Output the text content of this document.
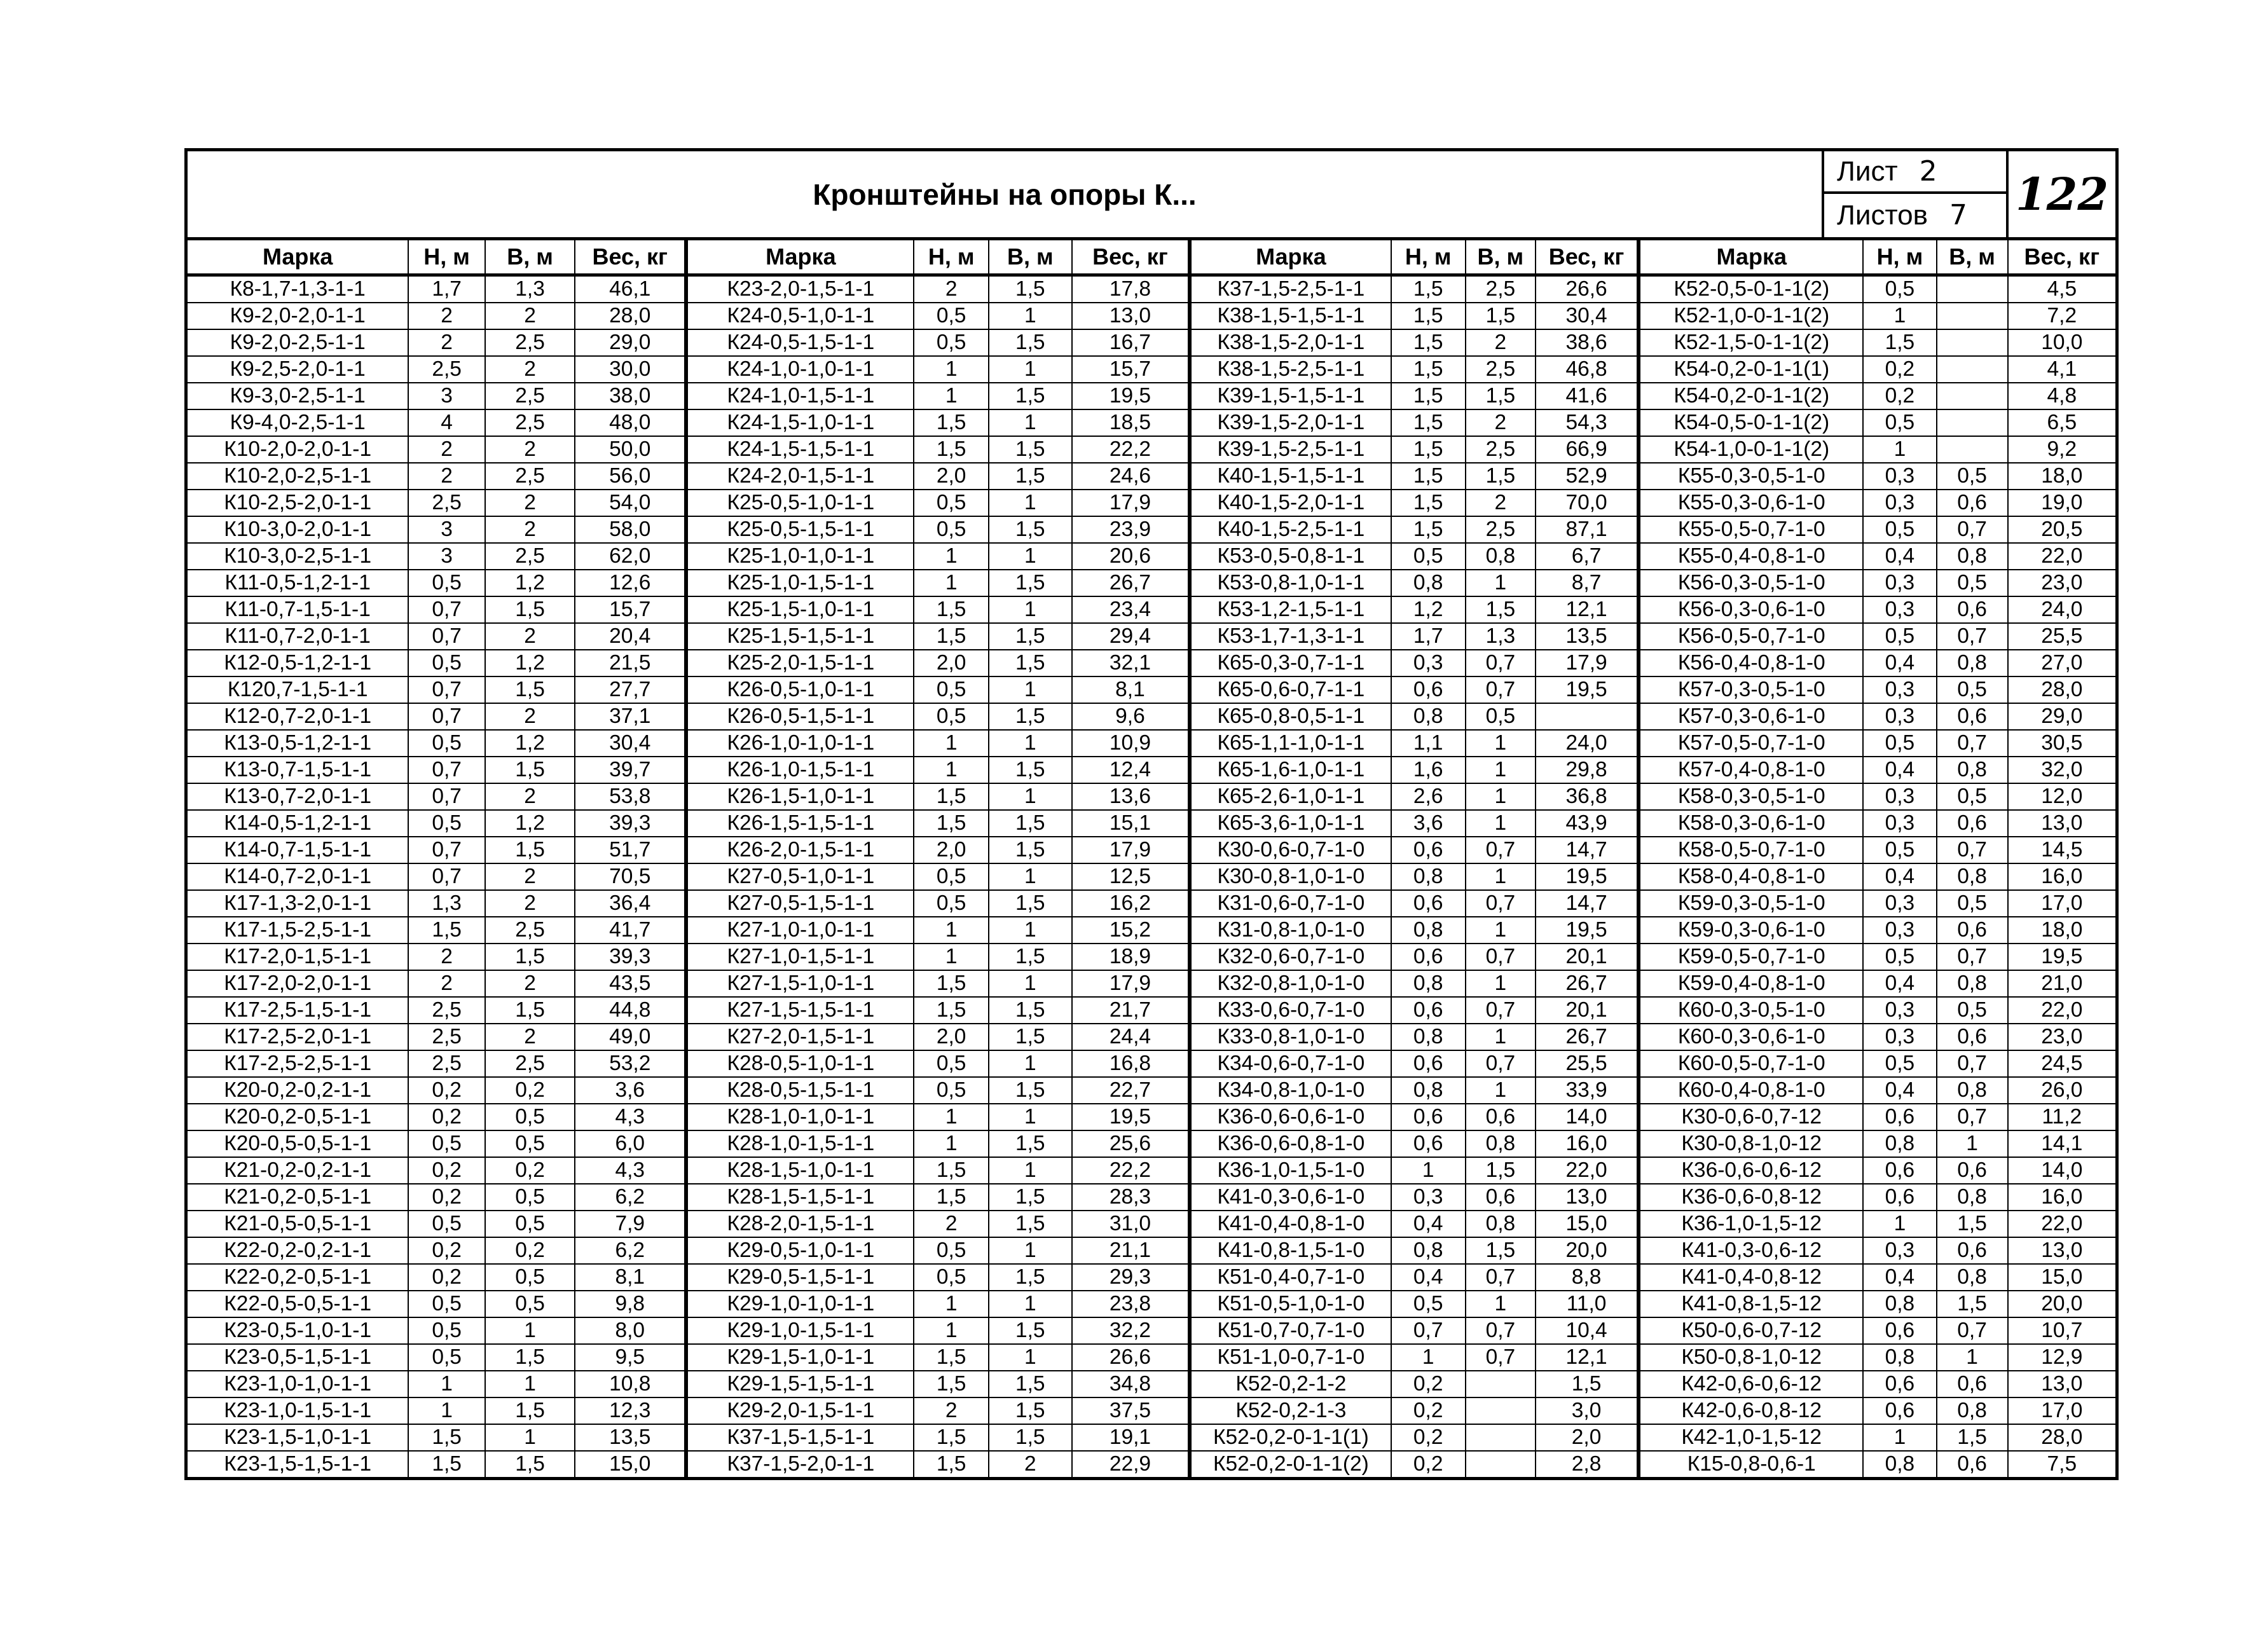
Кронштейны на опоры К...
Лист 2
Листов 7 122
Марка	Н, м	В, м	Вес, кг	Марка	Н, м	В, м	Вес, кг	Марка	Н, м	В, м	Вес, кг	Марка	Н, м	В, м	Вес, кг
К8-1,7-1,3-1-1	1,7	1,3	46,1	К23-2,0-1,5-1-1	2	1,5	17,8	К37-1,5-2,5-1-1	1,5	2,5	26,6	К52-0,5-0-1-1(2)	0,5		4,5
К9-2,0-2,0-1-1	2	2	28,0	К24-0,5-1,0-1-1	0,5	1	13,0	К38-1,5-1,5-1-1	1,5	1,5	30,4	К52-1,0-0-1-1(2)	1		7,2
К9-2,0-2,5-1-1	2	2,5	29,0	К24-0,5-1,5-1-1	0,5	1,5	16,7	К38-1,5-2,0-1-1	1,5	2	38,6	К52-1,5-0-1-1(2)	1,5		10,0
К9-2,5-2,0-1-1	2,5	2	30,0	К24-1,0-1,0-1-1	1	1	15,7	К38-1,5-2,5-1-1	1,5	2,5	46,8	К54-0,2-0-1-1(1)	0,2		4,1
К9-3,0-2,5-1-1	3	2,5	38,0	К24-1,0-1,5-1-1	1	1,5	19,5	К39-1,5-1,5-1-1	1,5	1,5	41,6	К54-0,2-0-1-1(2)	0,2		4,8
К9-4,0-2,5-1-1	4	2,5	48,0	К24-1,5-1,0-1-1	1,5	1	18,5	К39-1,5-2,0-1-1	1,5	2	54,3	К54-0,5-0-1-1(2)	0,5		6,5
К10-2,0-2,0-1-1	2	2	50,0	К24-1,5-1,5-1-1	1,5	1,5	22,2	К39-1,5-2,5-1-1	1,5	2,5	66,9	К54-1,0-0-1-1(2)	1		9,2
К10-2,0-2,5-1-1	2	2,5	56,0	К24-2,0-1,5-1-1	2,0	1,5	24,6	К40-1,5-1,5-1-1	1,5	1,5	52,9	К55-0,3-0,5-1-0	0,3	0,5	18,0
К10-2,5-2,0-1-1	2,5	2	54,0	К25-0,5-1,0-1-1	0,5	1	17,9	К40-1,5-2,0-1-1	1,5	2	70,0	К55-0,3-0,6-1-0	0,3	0,6	19,0
К10-3,0-2,0-1-1	3	2	58,0	К25-0,5-1,5-1-1	0,5	1,5	23,9	К40-1,5-2,5-1-1	1,5	2,5	87,1	К55-0,5-0,7-1-0	0,5	0,7	20,5
К10-3,0-2,5-1-1	3	2,5	62,0	К25-1,0-1,0-1-1	1	1	20,6	К53-0,5-0,8-1-1	0,5	0,8	6,7	К55-0,4-0,8-1-0	0,4	0,8	22,0
К11-0,5-1,2-1-1	0,5	1,2	12,6	К25-1,0-1,5-1-1	1	1,5	26,7	К53-0,8-1,0-1-1	0,8	1	8,7	К56-0,3-0,5-1-0	0,3	0,5	23,0
К11-0,7-1,5-1-1	0,7	1,5	15,7	К25-1,5-1,0-1-1	1,5	1	23,4	К53-1,2-1,5-1-1	1,2	1,5	12,1	К56-0,3-0,6-1-0	0,3	0,6	24,0
К11-0,7-2,0-1-1	0,7	2	20,4	К25-1,5-1,5-1-1	1,5	1,5	29,4	К53-1,7-1,3-1-1	1,7	1,3	13,5	К56-0,5-0,7-1-0	0,5	0,7	25,5
К12-0,5-1,2-1-1	0,5	1,2	21,5	К25-2,0-1,5-1-1	2,0	1,5	32,1	К65-0,3-0,7-1-1	0,3	0,7	17,9	К56-0,4-0,8-1-0	0,4	0,8	27,0
К120,7-1,5-1-1	0,7	1,5	27,7	К26-0,5-1,0-1-1	0,5	1	8,1	К65-0,6-0,7-1-1	0,6	0,7	19,5	К57-0,3-0,5-1-0	0,3	0,5	28,0
К12-0,7-2,0-1-1	0,7	2	37,1	К26-0,5-1,5-1-1	0,5	1,5	9,6	К65-0,8-0,5-1-1	0,8	0,5		К57-0,3-0,6-1-0	0,3	0,6	29,0
К13-0,5-1,2-1-1	0,5	1,2	30,4	К26-1,0-1,0-1-1	1	1	10,9	К65-1,1-1,0-1-1	1,1	1	24,0	К57-0,5-0,7-1-0	0,5	0,7	30,5
К13-0,7-1,5-1-1	0,7	1,5	39,7	К26-1,0-1,5-1-1	1	1,5	12,4	К65-1,6-1,0-1-1	1,6	1	29,8	К57-0,4-0,8-1-0	0,4	0,8	32,0
К13-0,7-2,0-1-1	0,7	2	53,8	К26-1,5-1,0-1-1	1,5	1	13,6	К65-2,6-1,0-1-1	2,6	1	36,8	К58-0,3-0,5-1-0	0,3	0,5	12,0
К14-0,5-1,2-1-1	0,5	1,2	39,3	К26-1,5-1,5-1-1	1,5	1,5	15,1	К65-3,6-1,0-1-1	3,6	1	43,9	К58-0,3-0,6-1-0	0,3	0,6	13,0
К14-0,7-1,5-1-1	0,7	1,5	51,7	К26-2,0-1,5-1-1	2,0	1,5	17,9	К30-0,6-0,7-1-0	0,6	0,7	14,7	К58-0,5-0,7-1-0	0,5	0,7	14,5
К14-0,7-2,0-1-1	0,7	2	70,5	К27-0,5-1,0-1-1	0,5	1	12,5	К30-0,8-1,0-1-0	0,8	1	19,5	К58-0,4-0,8-1-0	0,4	0,8	16,0
К17-1,3-2,0-1-1	1,3	2	36,4	К27-0,5-1,5-1-1	0,5	1,5	16,2	К31-0,6-0,7-1-0	0,6	0,7	14,7	К59-0,3-0,5-1-0	0,3	0,5	17,0
К17-1,5-2,5-1-1	1,5	2,5	41,7	К27-1,0-1,0-1-1	1	1	15,2	К31-0,8-1,0-1-0	0,8	1	19,5	К59-0,3-0,6-1-0	0,3	0,6	18,0
К17-2,0-1,5-1-1	2	1,5	39,3	К27-1,0-1,5-1-1	1	1,5	18,9	К32-0,6-0,7-1-0	0,6	0,7	20,1	К59-0,5-0,7-1-0	0,5	0,7	19,5
К17-2,0-2,0-1-1	2	2	43,5	К27-1,5-1,0-1-1	1,5	1	17,9	К32-0,8-1,0-1-0	0,8	1	26,7	К59-0,4-0,8-1-0	0,4	0,8	21,0
К17-2,5-1,5-1-1	2,5	1,5	44,8	К27-1,5-1,5-1-1	1,5	1,5	21,7	К33-0,6-0,7-1-0	0,6	0,7	20,1	К60-0,3-0,5-1-0	0,3	0,5	22,0
К17-2,5-2,0-1-1	2,5	2	49,0	К27-2,0-1,5-1-1	2,0	1,5	24,4	К33-0,8-1,0-1-0	0,8	1	26,7	К60-0,3-0,6-1-0	0,3	0,6	23,0
К17-2,5-2,5-1-1	2,5	2,5	53,2	К28-0,5-1,0-1-1	0,5	1	16,8	К34-0,6-0,7-1-0	0,6	0,7	25,5	К60-0,5-0,7-1-0	0,5	0,7	24,5
К20-0,2-0,2-1-1	0,2	0,2	3,6	К28-0,5-1,5-1-1	0,5	1,5	22,7	К34-0,8-1,0-1-0	0,8	1	33,9	К60-0,4-0,8-1-0	0,4	0,8	26,0
К20-0,2-0,5-1-1	0,2	0,5	4,3	К28-1,0-1,0-1-1	1	1	19,5	К36-0,6-0,6-1-0	0,6	0,6	14,0	К30-0,6-0,7-12	0,6	0,7	11,2
К20-0,5-0,5-1-1	0,5	0,5	6,0	К28-1,0-1,5-1-1	1	1,5	25,6	К36-0,6-0,8-1-0	0,6	0,8	16,0	К30-0,8-1,0-12	0,8	1	14,1
К21-0,2-0,2-1-1	0,2	0,2	4,3	К28-1,5-1,0-1-1	1,5	1	22,2	К36-1,0-1,5-1-0	1	1,5	22,0	К36-0,6-0,6-12	0,6	0,6	14,0
К21-0,2-0,5-1-1	0,2	0,5	6,2	К28-1,5-1,5-1-1	1,5	1,5	28,3	К41-0,3-0,6-1-0	0,3	0,6	13,0	К36-0,6-0,8-12	0,6	0,8	16,0
К21-0,5-0,5-1-1	0,5	0,5	7,9	К28-2,0-1,5-1-1	2	1,5	31,0	К41-0,4-0,8-1-0	0,4	0,8	15,0	К36-1,0-1,5-12	1	1,5	22,0
К22-0,2-0,2-1-1	0,2	0,2	6,2	К29-0,5-1,0-1-1	0,5	1	21,1	К41-0,8-1,5-1-0	0,8	1,5	20,0	К41-0,3-0,6-12	0,3	0,6	13,0
К22-0,2-0,5-1-1	0,2	0,5	8,1	К29-0,5-1,5-1-1	0,5	1,5	29,3	К51-0,4-0,7-1-0	0,4	0,7	8,8	К41-0,4-0,8-12	0,4	0,8	15,0
К22-0,5-0,5-1-1	0,5	0,5	9,8	К29-1,0-1,0-1-1	1	1	23,8	К51-0,5-1,0-1-0	0,5	1	11,0	К41-0,8-1,5-12	0,8	1,5	20,0
К23-0,5-1,0-1-1	0,5	1	8,0	К29-1,0-1,5-1-1	1	1,5	32,2	К51-0,7-0,7-1-0	0,7	0,7	10,4	К50-0,6-0,7-12	0,6	0,7	10,7
К23-0,5-1,5-1-1	0,5	1,5	9,5	К29-1,5-1,0-1-1	1,5	1	26,6	К51-1,0-0,7-1-0	1	0,7	12,1	К50-0,8-1,0-12	0,8	1	12,9
К23-1,0-1,0-1-1	1	1	10,8	К29-1,5-1,5-1-1	1,5	1,5	34,8	К52-0,2-1-2	0,2		1,5	К42-0,6-0,6-12	0,6	0,6	13,0
К23-1,0-1,5-1-1	1	1,5	12,3	К29-2,0-1,5-1-1	2	1,5	37,5	К52-0,2-1-3	0,2		3,0	К42-0,6-0,8-12	0,6	0,8	17,0
К23-1,5-1,0-1-1	1,5	1	13,5	К37-1,5-1,5-1-1	1,5	1,5	19,1	К52-0,2-0-1-1(1)	0,2		2,0	К42-1,0-1,5-12	1	1,5	28,0
К23-1,5-1,5-1-1	1,5	1,5	15,0	К37-1,5-2,0-1-1	1,5	2	22,9	К52-0,2-0-1-1(2)	0,2		2,8	К15-0,8-0,6-1	0,8	0,6	7,5
